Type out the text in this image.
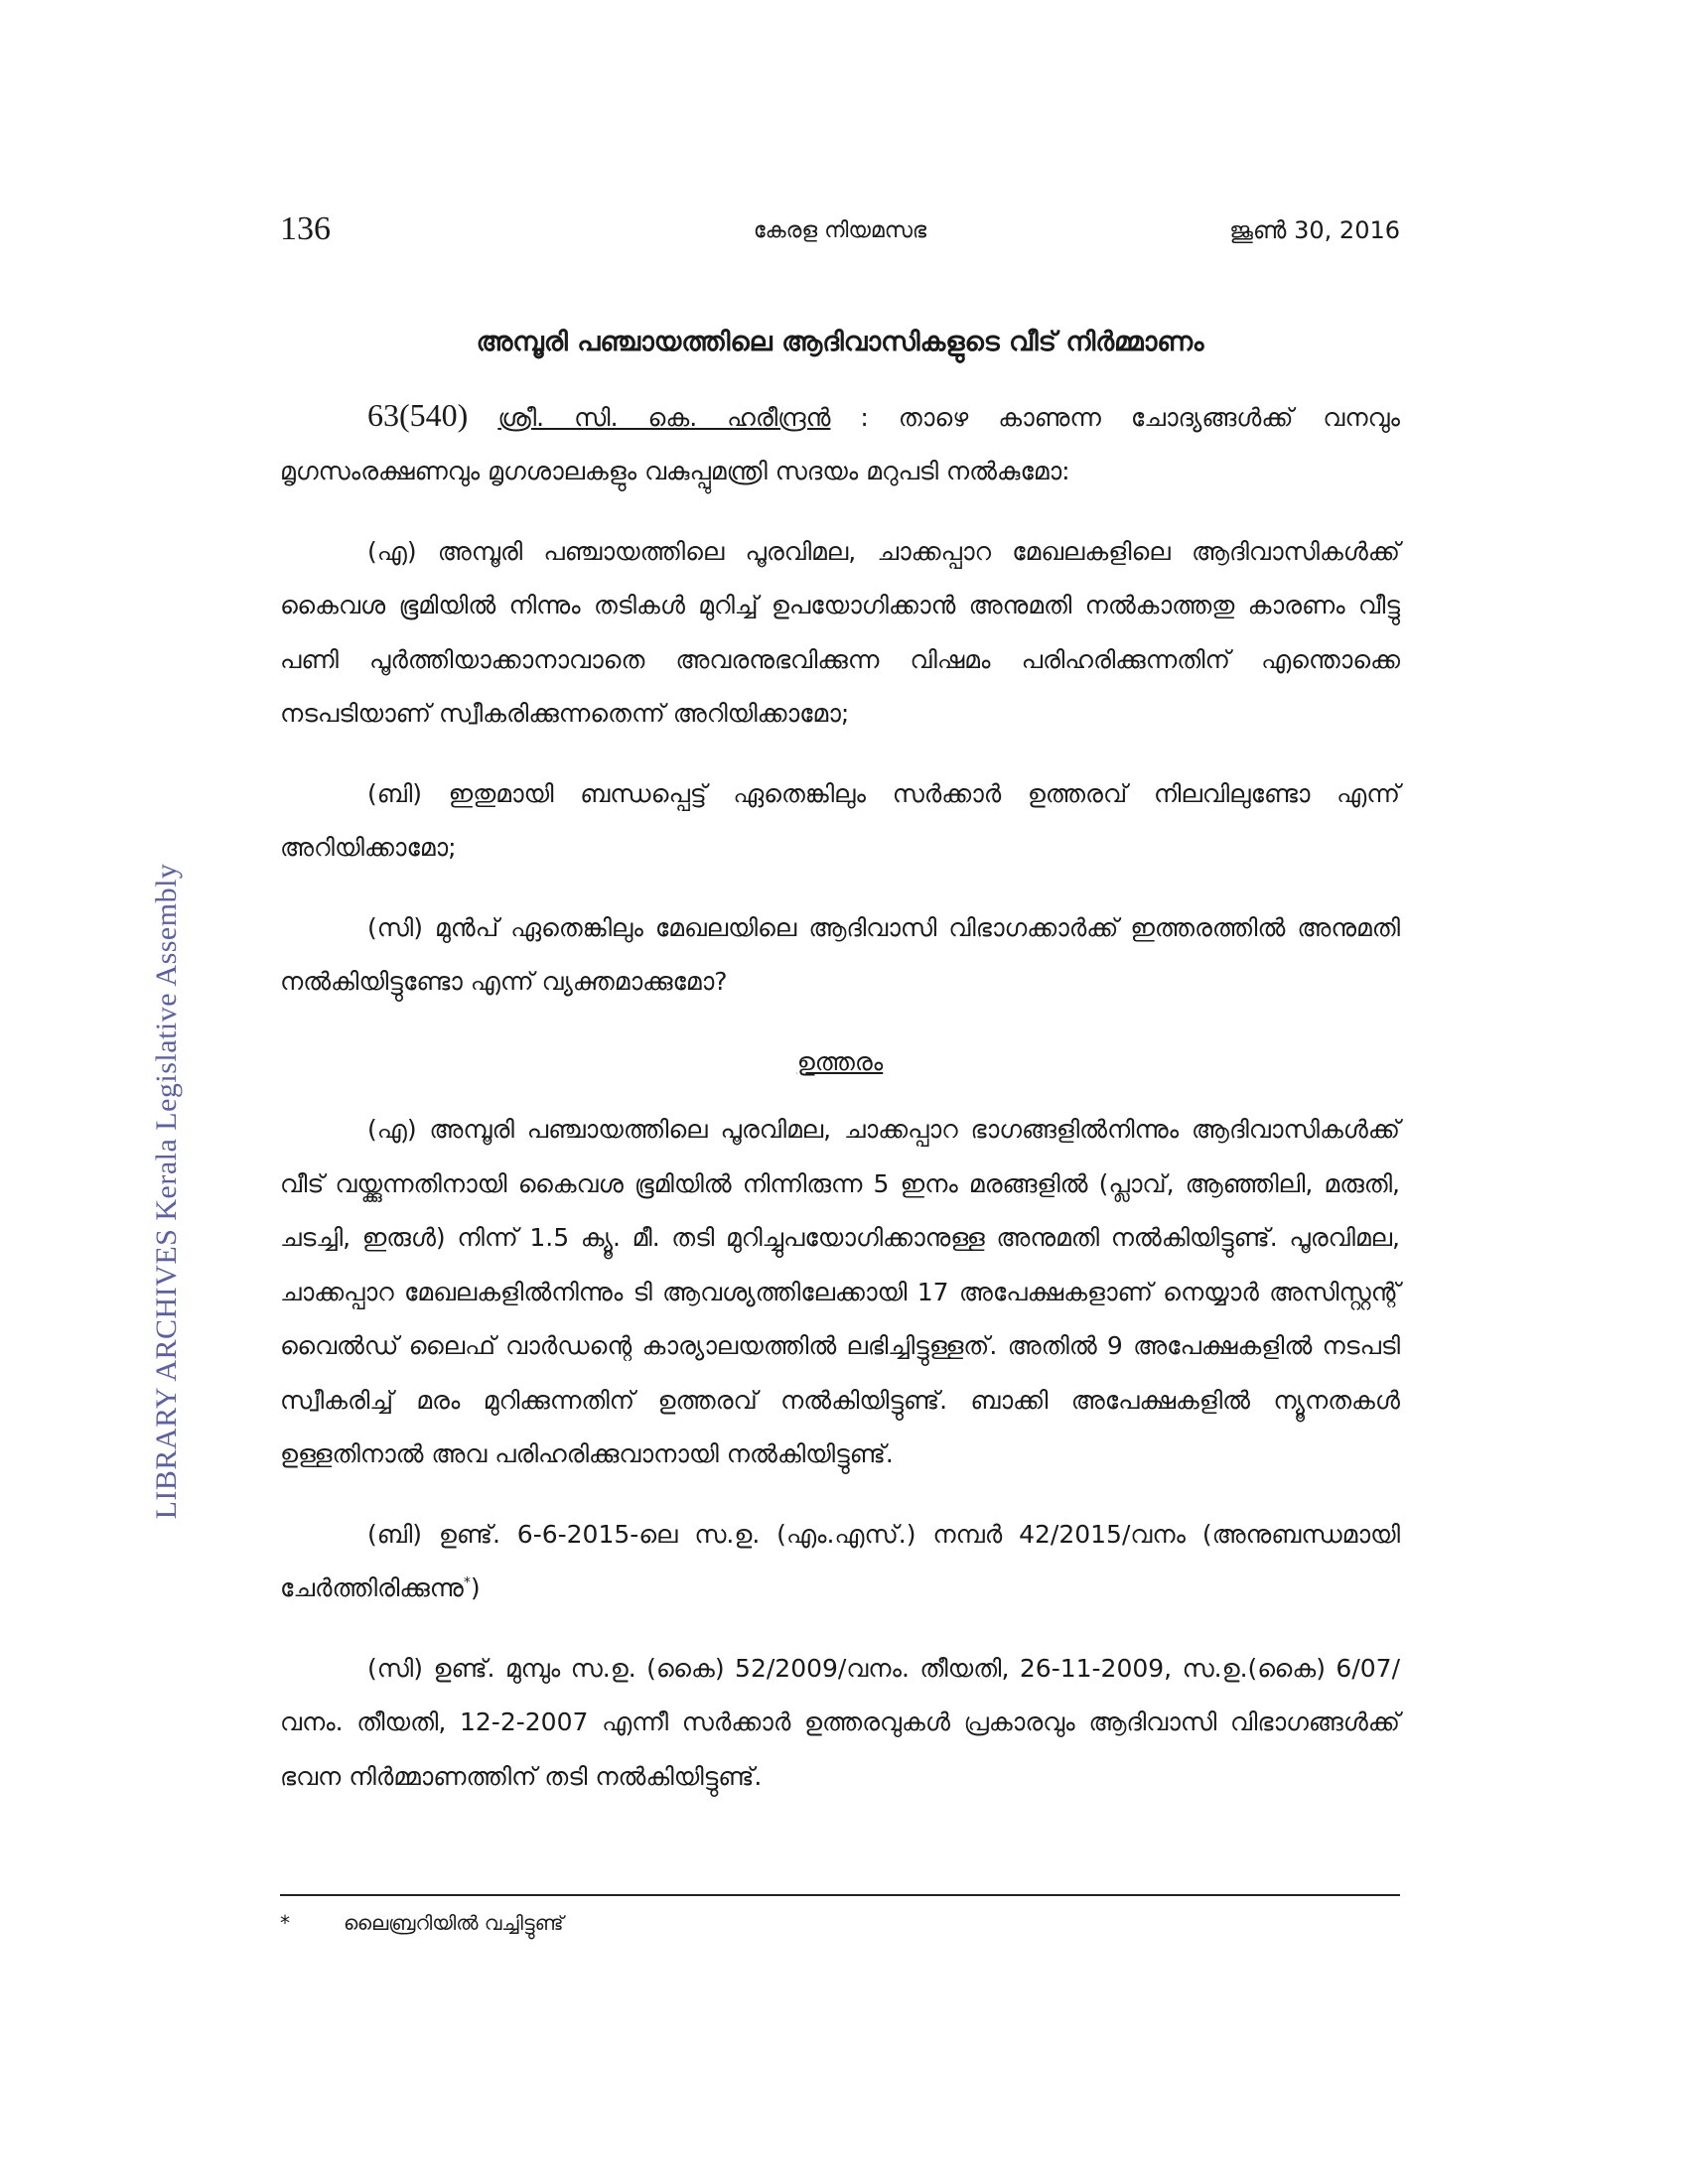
136	കേരള നിയമസഭ	ജൂൺ 30, 2016
LIBRARY ARCHIVES Kerala Legislative Assembly
അമ്പൂരി പഞ്ചായത്തിലെ ആദിവാസികളുടെ വീട് നിർമ്മാണം

63(540) ശ്രീ. സി. കെ. ഹരീന്ദ്രൻ : താഴെ കാണുന്ന ചോദ്യങ്ങൾക്ക് വനവും മൃഗസംരക്ഷണവും മൃഗശാലകളും വകുപ്പുമന്ത്രി സദയം മറുപടി നൽകുമോ:

(എ) അമ്പൂരി പഞ്ചായത്തിലെ പൂരവിമല, ചാക്കപ്പാറ മേഖലകളിലെ ആദിവാസികൾക്ക് കൈവശ ഭൂമിയിൽ നിന്നും തടികൾ മുറിച്ച് ഉപയോഗിക്കാൻ അനുമതി നൽകാത്തതു കാരണം വീട്ടു പണി പൂർത്തിയാക്കാനാവാതെ അവരനുഭവിക്കുന്ന വിഷമം പരിഹരിക്കുന്നതിന് എന്തൊക്കെ നടപടിയാണ് സ്വീകരിക്കുന്നതെന്ന് അറിയിക്കാമോ;

(ബി) ഇതുമായി ബന്ധപ്പെട്ട് ഏതെങ്കിലും സർക്കാർ ഉത്തരവ് നിലവിലുണ്ടോ എന്ന് അറിയിക്കാമോ;

(സി) മുൻപ് ഏതെങ്കിലും മേഖലയിലെ ആദിവാസി വിഭാഗക്കാർക്ക് ഇത്തരത്തിൽ അനുമതി നൽകിയിട്ടുണ്ടോ എന്ന് വ്യക്തമാക്കുമോ?

ഉത്തരം

(എ) അമ്പൂരി പഞ്ചായത്തിലെ പൂരവിമല, ചാക്കപ്പാറ ഭാഗങ്ങളിൽനിന്നും ആദിവാസികൾക്ക് വീട് വയ്ക്കുന്നതിനായി കൈവശ ഭൂമിയിൽ നിന്നിരുന്ന 5 ഇനം മരങ്ങളിൽ (പ്ലാവ്, ആഞ്ഞിലി, മരുതി, ചടച്ചി, ഇരുൾ) നിന്ന് 1.5 ക്യൂ. മീ. തടി മുറിച്ചുപയോഗിക്കാനുള്ള അനുമതി നൽകിയിട്ടുണ്ട്. പൂരവിമല, ചാക്കപ്പാറ മേഖലകളിൽനിന്നും ടി ആവശ്യത്തിലേക്കായി 17 അപേക്ഷകളാണ് നെയ്യാർ അസിസ്റ്റന്റ് വൈൽഡ് ലൈഫ് വാർഡന്റെ കാര്യാലയത്തിൽ ലഭിച്ചിട്ടുള്ളത്. അതിൽ 9 അപേക്ഷകളിൽ നടപടി സ്വീകരിച്ച് മരം മുറിക്കുന്നതിന് ഉത്തരവ് നൽകിയിട്ടുണ്ട്. ബാക്കി അപേക്ഷകളിൽ ന്യൂനതകൾ ഉള്ളതിനാൽ അവ പരിഹരിക്കുവാനായി നൽകിയിട്ടുണ്ട്.

(ബി) ഉണ്ട്. 6-6-2015-ലെ സ.ഉ. (എം.എസ്.) നമ്പർ 42/2015/വനം (അനുബന്ധമായി ചേർത്തിരിക്കുന്നു*)

(സി) ഉണ്ട്. മുമ്പും സ.ഉ. (കൈ) 52/2009/വനം. തീയതി, 26-11-2009, സ.ഉ.(കൈ) 6/07/ വനം. തീയതി, 12-2-2007 എന്നീ സർക്കാർ ഉത്തരവുകൾ പ്രകാരവും ആദിവാസി വിഭാഗങ്ങൾക്ക് ഭവന നിർമ്മാണത്തിന് തടി നൽകിയിട്ടുണ്ട്.

*	ലൈബ്രറിയിൽ വച്ചിട്ടുണ്ട്
